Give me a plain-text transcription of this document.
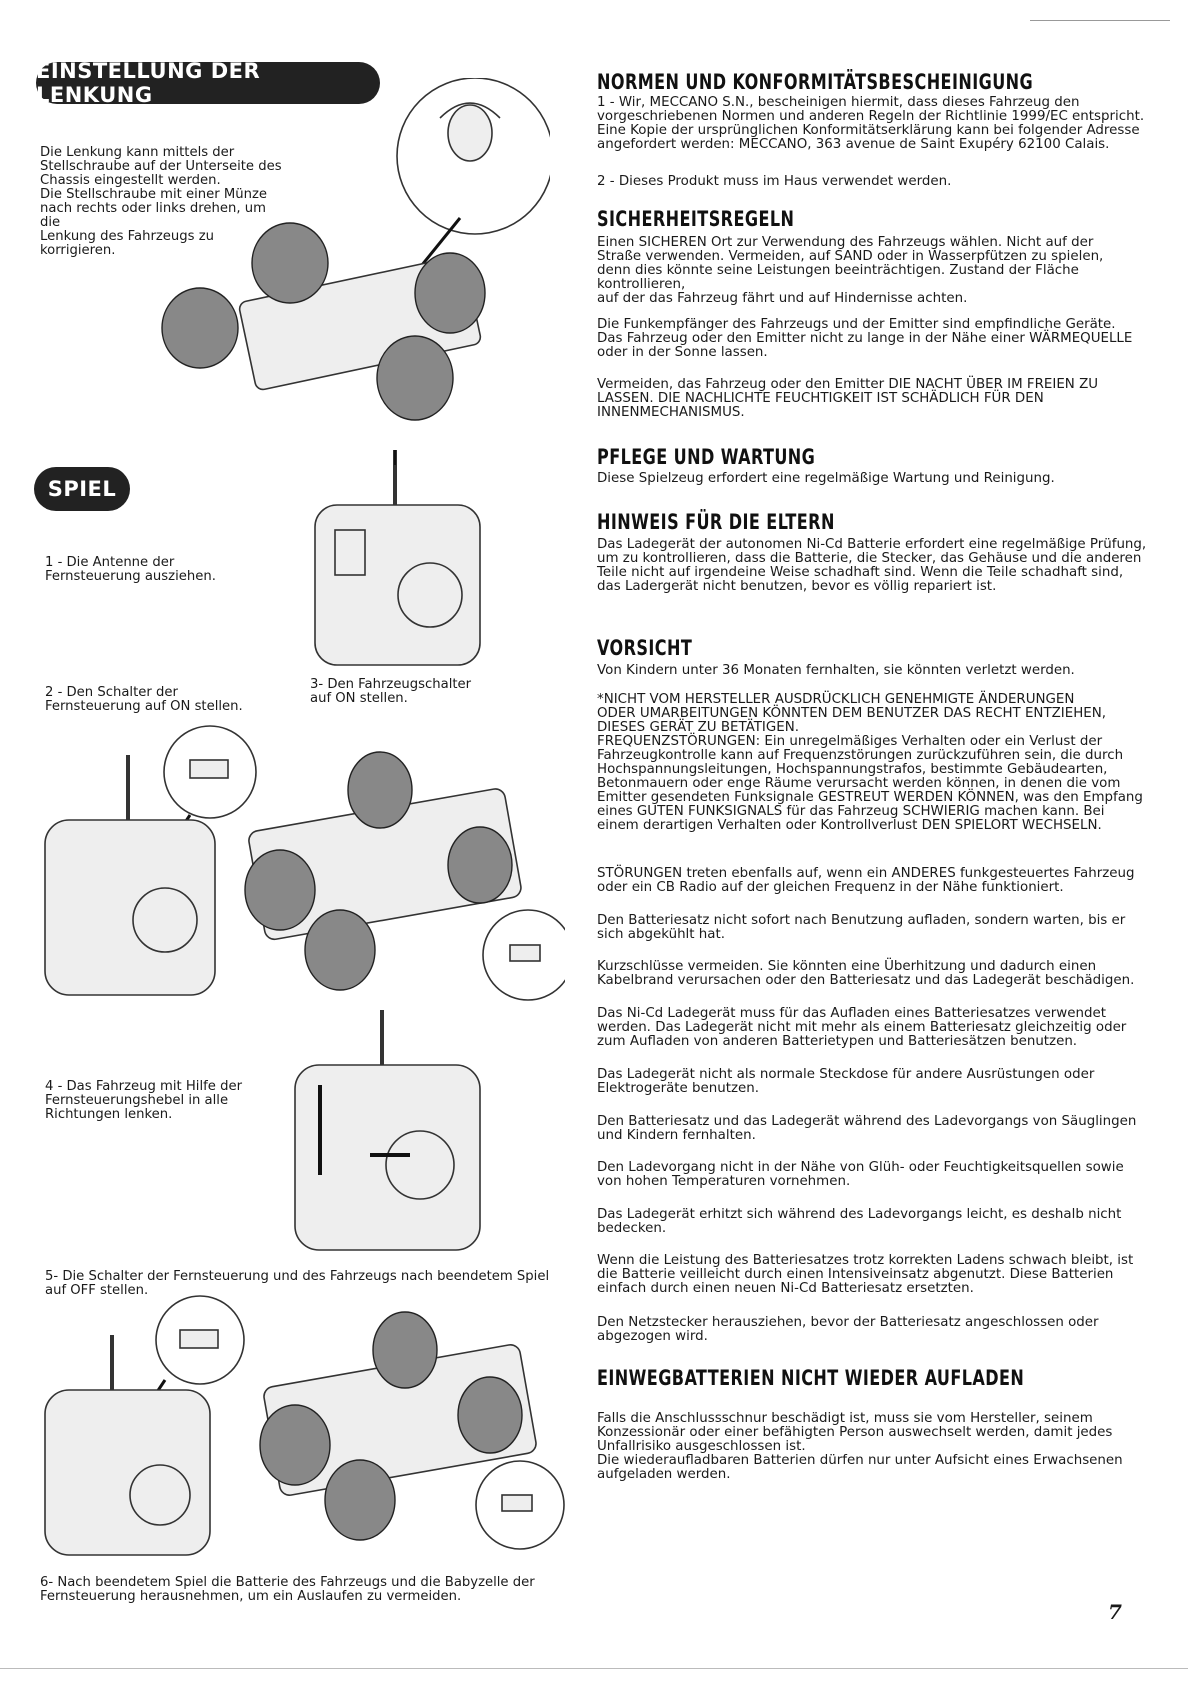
EINSTELLUNG DER LENKUNG
Die Lenkung kann mittels der
Stellschraube auf der Unterseite des
Chassis eingestellt werden.
Die Stellschraube mit einer Münze
nach rechts oder links drehen, um die
Lenkung des Fahrzeugs zu korrigieren.
SPIEL
1 - Die Antenne der
Fernsteuerung ausziehen.
2 - Den Schalter der
Fernsteuerung auf ON stellen.
3- Den Fahrzeugschalter
auf ON stellen.
4 - Das Fahrzeug mit Hilfe der
Fernsteuerungshebel in alle
Richtungen lenken.
5- Die Schalter der Fernsteuerung und des Fahrzeugs nach beendetem Spiel
auf OFF stellen.
6- Nach beendetem Spiel die Batterie des Fahrzeugs und die Babyzelle der
Fernsteuerung herausnehmen, um ein Auslaufen zu vermeiden.
NORMEN UND KONFORMITÄTSBESCHEINIGUNG
1 - Wir, MECCANO S.N., bescheinigen hiermit, dass dieses Fahrzeug den
vorgeschriebenen Normen und anderen Regeln der Richtlinie 1999/EC entspricht.
Eine Kopie der ursprünglichen Konformitätserklärung kann bei folgender Adresse
angefordert werden: MECCANO, 363 avenue de Saint Exupéry 62100 Calais.
2 - Dieses Produkt muss im Haus verwendet werden.
SICHERHEITSREGELN
Einen SICHEREN Ort zur Verwendung des Fahrzeugs wählen. Nicht auf der
Straße verwenden. Vermeiden, auf SAND oder in Wasserpfützen zu spielen,
denn dies könnte seine Leistungen beeinträchtigen. Zustand der Fläche kontrollieren,
auf der das Fahrzeug fährt und auf Hindernisse achten.
Die Funkempfänger des Fahrzeugs und der Emitter sind empfindliche Geräte.
Das Fahrzeug oder den Emitter nicht zu lange in der Nähe einer WÄRMEQUELLE
oder in der Sonne lassen.
Vermeiden, das Fahrzeug oder den Emitter DIE NACHT ÜBER IM FREIEN ZU
LASSEN. DIE NACHLICHTE FEUCHTIGKEIT IST SCHÄDLICH FÜR DEN
INNENMECHANISMUS.
PFLEGE UND WARTUNG
Diese Spielzeug erfordert eine regelmäßige Wartung und Reinigung.
HINWEIS FÜR DIE ELTERN
Das Ladegerät der autonomen Ni-Cd Batterie erfordert eine regelmäßige Prüfung,
um zu kontrollieren, dass die Batterie, die Stecker, das Gehäuse und die anderen
Teile nicht auf irgendeine Weise schadhaft sind. Wenn die Teile schadhaft sind,
das Ladergerät nicht benutzen, bevor es völlig repariert ist.
VORSICHT
Von Kindern unter 36 Monaten fernhalten, sie könnten verletzt werden.
*NICHT VOM HERSTELLER AUSDRÜCKLICH GENEHMIGTE ÄNDERUNGEN
ODER UMARBEITUNGEN KÖNNTEN DEM BENUTZER DAS RECHT ENTZIEHEN,
DIESES GERÄT ZU BETÄTIGEN.
FREQUENZSTÖRUNGEN: Ein unregelmäßiges Verhalten oder ein Verlust der
Fahrzeugkontrolle kann auf Frequenzstörungen zurückzuführen sein, die durch
Hochspannungsleitungen, Hochspannungstrafos, bestimmte Gebäudearten,
Betonmauern oder enge Räume verursacht werden können, in denen die vom
Emitter gesendeten Funksignale GESTREUT WERDEN KÖNNEN, was den Empfang
eines GUTEN FUNKSIGNALS für das Fahrzeug SCHWIERIG machen kann. Bei
einem derartigen Verhalten oder Kontrollverlust DEN SPIELORT WECHSELN.
STÖRUNGEN treten ebenfalls auf, wenn ein ANDERES funkgesteuertes Fahrzeug
oder ein CB Radio auf der gleichen Frequenz in der Nähe funktioniert.
Den Batteriesatz nicht sofort nach Benutzung aufladen, sondern warten, bis er
sich abgekühlt hat.
Kurzschlüsse vermeiden. Sie könnten eine Überhitzung und dadurch einen
Kabelbrand verursachen oder den Batteriesatz und das Ladegerät beschädigen.
Das Ni-Cd Ladegerät muss für das Aufladen eines Batteriesatzes verwendet
werden. Das Ladegerät nicht mit mehr als einem Batteriesatz gleichzeitig oder
zum Aufladen von anderen Batterietypen und Batteriesätzen benutzen.
Das Ladegerät nicht als normale Steckdose für andere Ausrüstungen oder
Elektrogeräte benutzen.
Den Batteriesatz und das Ladegerät während des Ladevorgangs von Säuglingen
und Kindern fernhalten.
Den Ladevorgang nicht in der Nähe von Glüh- oder Feuchtigkeitsquellen sowie
von hohen Temperaturen vornehmen.
Das Ladegerät erhitzt sich während des Ladevorgangs leicht, es deshalb nicht
bedecken.
Wenn die Leistung des Batteriesatzes trotz korrekten Ladens schwach bleibt, ist
die Batterie veilleicht durch einen Intensiveinsatz abgenutzt. Diese Batterien
einfach durch einen neuen Ni-Cd Batteriesatz ersetzten.
Den Netzstecker herausziehen, bevor der Batteriesatz angeschlossen oder
abgezogen wird.
EINWEGBATTERIEN NICHT WIEDER AUFLADEN
Falls die Anschlussschnur beschädigt ist, muss sie vom Hersteller, seinem
Konzessionär oder einer befähigten Person auswechselt werden, damit jedes
Unfallrisiko ausgeschlossen ist.
Die wiederaufladbaren Batterien dürfen nur unter Aufsicht eines Erwachsenen
aufgeladen werden.
7
